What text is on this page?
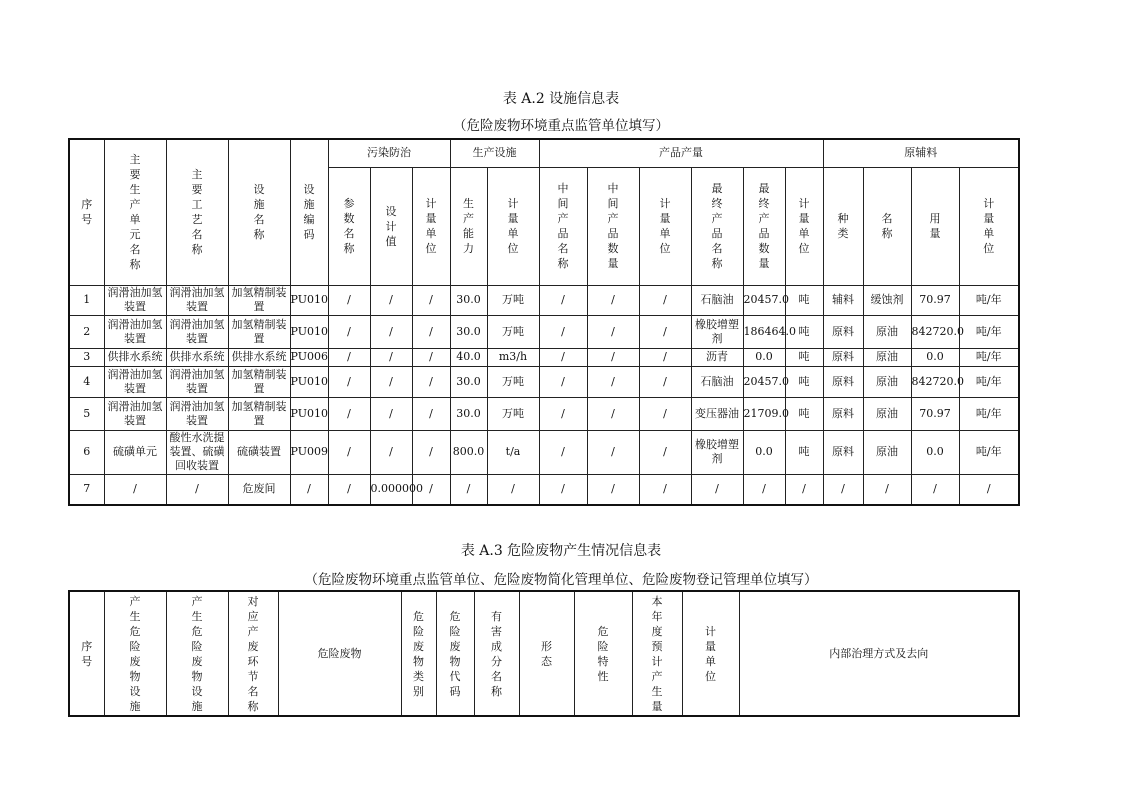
表 A.2 设施信息表
（危险废物环境重点监管单位填写）
序号	主要生产单元名称	主要工艺名称	设施名称	设施编码	污染防治			生产设施		产品产量						原辅料			
					参数名称	设计值	计量单位	生产能力	计量单位	中间产品名称	中间产品数量	计量单位	最终产品名称	最终产品数量	计量单位	种类	名称	用量	计量单位
1	润滑油加氢装置	润滑油加氢装置	加氢精制装置	PU010	/	/	/	30.0	万吨	/	/	/	石脑油	20457.0	吨	辅料	缓蚀剂	70.97	吨/年
2	润滑油加氢装置	润滑油加氢装置	加氢精制装置	PU010	/	/	/	30.0	万吨	/	/	/	橡胶增塑剂	186464.0	吨	原料	原油	842720.0	吨/年
3	供排水系统	供排水系统	供排水系统	PU006	/	/	/	40.0	m3/h	/	/	/	沥青	0.0	吨	原料	原油	0.0	吨/年
4	润滑油加氢装置	润滑油加氢装置	加氢精制装置	PU010	/	/	/	30.0	万吨	/	/	/	石脑油	20457.0	吨	原料	原油	842720.0	吨/年
5	润滑油加氢装置	润滑油加氢装置	加氢精制装置	PU010	/	/	/	30.0	万吨	/	/	/	变压器油	21709.0	吨	原料	原油	70.97	吨/年
6	硫磺单元	酸性水洗提装置、硫磺回收装置	硫磺装置	PU009	/	/	/	800.0	t/a	/	/	/	橡胶增塑剂	0.0	吨	原料	原油	0.0	吨/年
7	/	/	危废间	/	/	0.000000	/	/	/	/	/	/	/	/	/	/	/	/	/
表 A.3 危险废物产生情况信息表
（危险废物环境重点监管单位、危险废物简化管理单位、危险废物登记管理单位填写）
序号	产生危险废物设施	产生危险废物设施	对应产废环节名称	危险废物	危险废物类别	危险废物代码	有害成分名称	形态	危险特性	本年度预计产生量	计量单位	内部治理方式及去向
